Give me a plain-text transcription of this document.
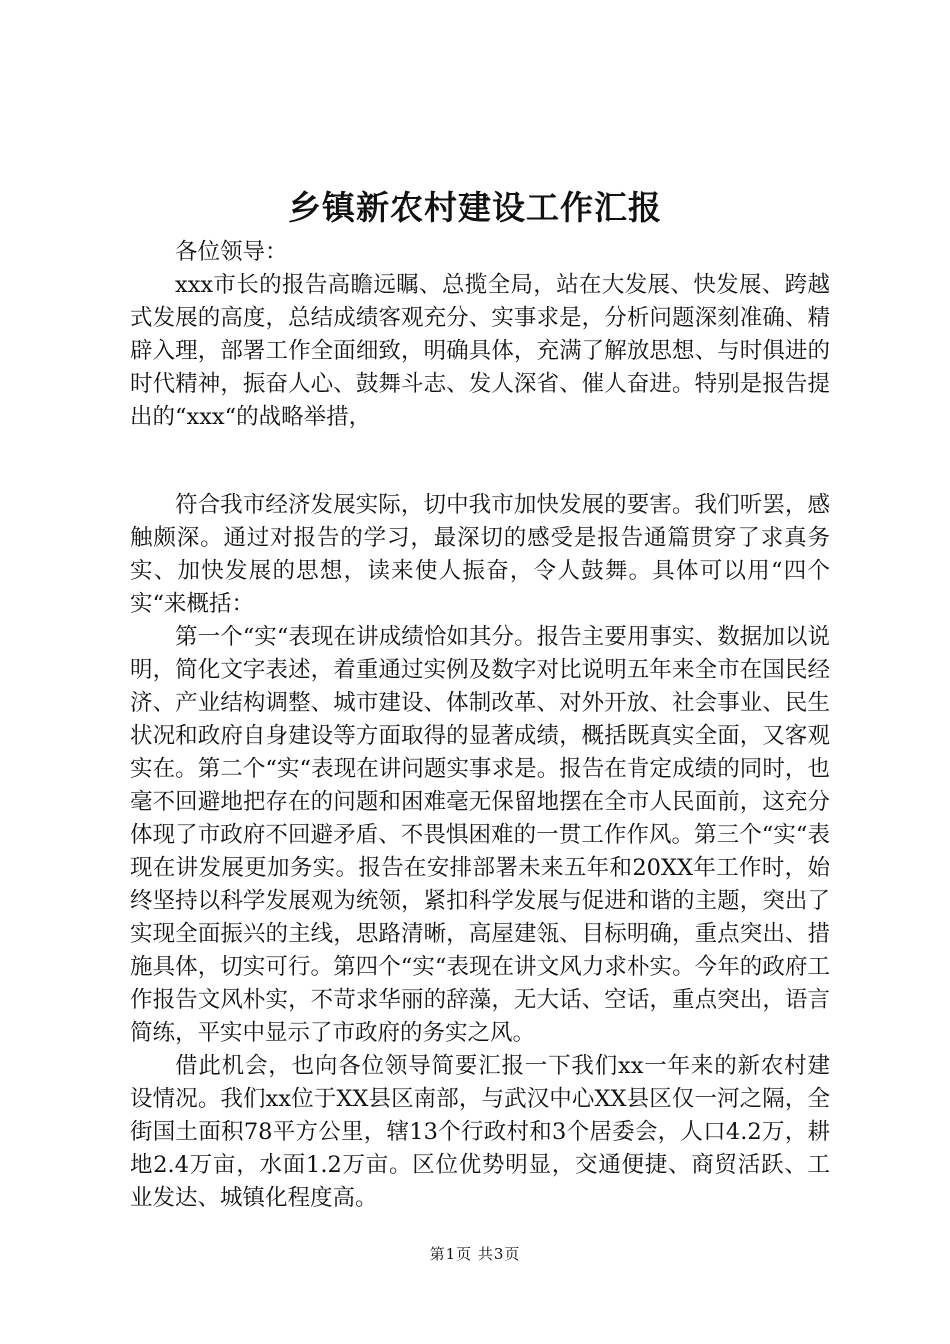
乡镇新农村建设工作汇报

各位领导：

xxx市长的报告高瞻远瞩、总揽全局，站在大发展、快发展、跨越式发展的高度，总结成绩客观充分、实事求是，分析问题深刻准确、精辟入理，部署工作全面细致，明确具体，充满了解放思想、与时俱进的时代精神，振奋人心、鼓舞斗志、发人深省、催人奋进。特别是报告提出的“xxx“的战略举措，

符合我市经济发展实际，切中我市加快发展的要害。我们听罢，感触颇深。通过对报告的学习，最深切的感受是报告通篇贯穿了求真务实、加快发展的思想，读来使人振奋，令人鼓舞。具体可以用“四个实“来概括：

第一个“实“表现在讲成绩恰如其分。报告主要用事实、数据加以说明，简化文字表述，着重通过实例及数字对比说明五年来全市在国民经济、产业结构调整、城市建设、体制改革、对外开放、社会事业、民生状况和政府自身建设等方面取得的显著成绩，概括既真实全面，又客观实在。第二个“实“表现在讲问题实事求是。报告在肯定成绩的同时，也毫不回避地把存在的问题和困难毫无保留地摆在全市人民面前，这充分体现了市政府不回避矛盾、不畏惧困难的一贯工作作风。第三个“实“表现在讲发展更加务实。报告在安排部署未来五年和20XX年工作时，始终坚持以科学发展观为统领，紧扣科学发展与促进和谐的主题，突出了实现全面振兴的主线，思路清晰，高屋建瓴、目标明确，重点突出、措施具体，切实可行。第四个“实“表现在讲文风力求朴实。今年的政府工作报告文风朴实，不苛求华丽的辞藻，无大话、空话，重点突出，语言简练，平实中显示了市政府的务实之风。

借此机会，也向各位领导简要汇报一下我们xx一年来的新农村建设情况。我们xx位于XX县区南部，与武汉中心XX县区仅一河之隔，全街国土面积78平方公里，辖13个行政村和3个居委会，人口4.2万，耕地2.4万亩，水面1.2万亩。区位优势明显，交通便捷、商贸活跃、工业发达、城镇化程度高。

第1页 共3页
